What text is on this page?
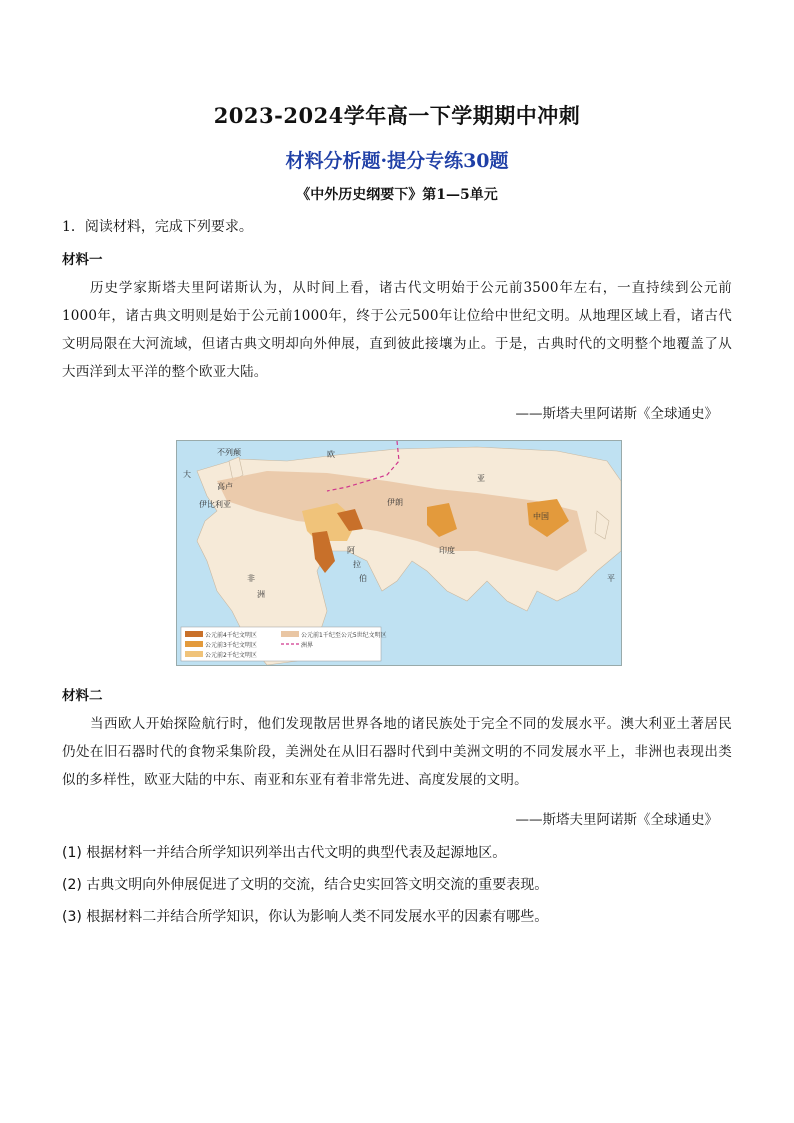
2023-2024学年高一下学期期中冲刺
材料分析题·提分专练30题
《中外历史纲要下》第1—5单元
1．阅读材料，完成下列要求。
材料一
历史学家斯塔夫里阿诺斯认为，从时间上看，诸古代文明始于公元前3500年左右，一直持续到公元前1000年，诸古典文明则是始于公元前1000年，终于公元500年让位给中世纪文明。从地理区域上看，诸古代文明局限在大河流域，但诸古典文明却向外伸展，直到彼此接壤为止。于是，古典时代的文明整个地覆盖了从大西洋到太平洋的整个欧亚大陆。
——斯塔夫里阿诺斯《全球通史》
高卢
伊比利亚
不列颠
伊朗
印度
中国
阿
拉
伯
非
洲
亚
大
欧
平
公元前4千纪文明区
公元前3千纪文明区
公元前2千纪文明区
公元前1千纪至公元5世纪文明区
洲界
材料二
当西欧人开始探险航行时，他们发现散居世界各地的诸民族处于完全不同的发展水平。澳大利亚土著居民仍处在旧石器时代的食物采集阶段，美洲处在从旧石器时代到中美洲文明的不同发展水平上，非洲也表现出类似的多样性，欧亚大陆的中东、南亚和东亚有着非常先进、高度发展的文明。
——斯塔夫里阿诺斯《全球通史》
(1) 根据材料一并结合所学知识列举出古代文明的典型代表及起源地区。
(2) 古典文明向外伸展促进了文明的交流，结合史实回答文明交流的重要表现。
(3) 根据材料二并结合所学知识，你认为影响人类不同发展水平的因素有哪些。
